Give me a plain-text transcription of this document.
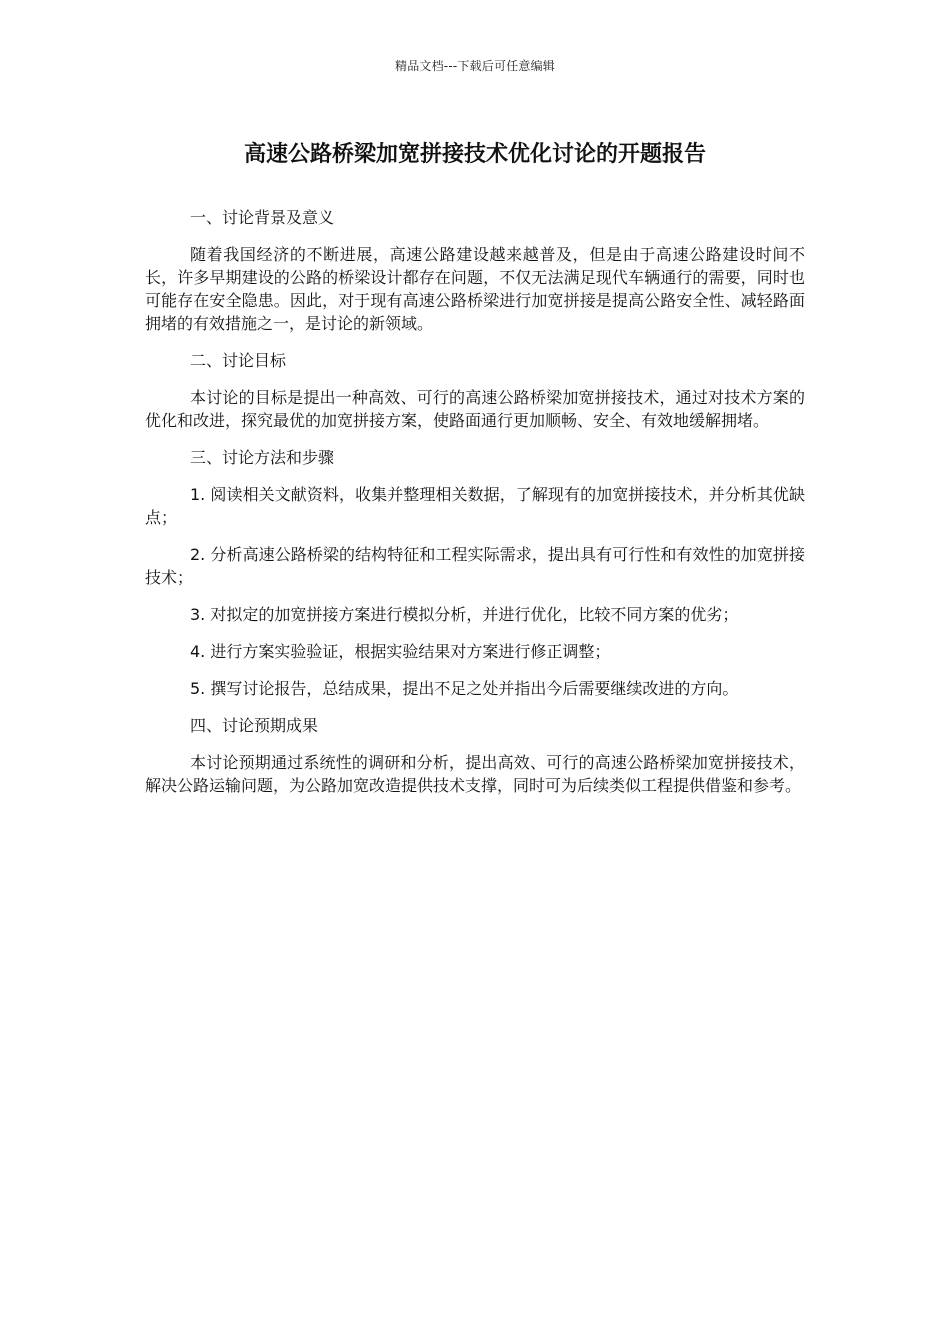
精品文档---下载后可任意编辑
高速公路桥梁加宽拼接技术优化讨论的开题报告

一、讨论背景及意义

随着我国经济的不断进展，高速公路建设越来越普及，但是由于高速公路建设时间不长，许多早期建设的公路的桥梁设计都存在问题，不仅无法满足现代车辆通行的需要，同时也可能存在安全隐患。因此，对于现有高速公路桥梁进行加宽拼接是提高公路安全性、减轻路面拥堵的有效措施之一，是讨论的新领域。

二、讨论目标

本讨论的目标是提出一种高效、可行的高速公路桥梁加宽拼接技术，通过对技术方案的优化和改进，探究最优的加宽拼接方案，使路面通行更加顺畅、安全、有效地缓解拥堵。

三、讨论方法和步骤

1. 阅读相关文献资料，收集并整理相关数据，了解现有的加宽拼接技术，并分析其优缺点；

2. 分析高速公路桥梁的结构特征和工程实际需求，提出具有可行性和有效性的加宽拼接技术；

3. 对拟定的加宽拼接方案进行模拟分析，并进行优化，比较不同方案的优劣；

4. 进行方案实验验证，根据实验结果对方案进行修正调整；

5. 撰写讨论报告，总结成果，提出不足之处并指出今后需要继续改进的方向。

四、讨论预期成果

本讨论预期通过系统性的调研和分析，提出高效、可行的高速公路桥梁加宽拼接技术，解决公路运输问题，为公路加宽改造提供技术支撑，同时可为后续类似工程提供借鉴和参考。
